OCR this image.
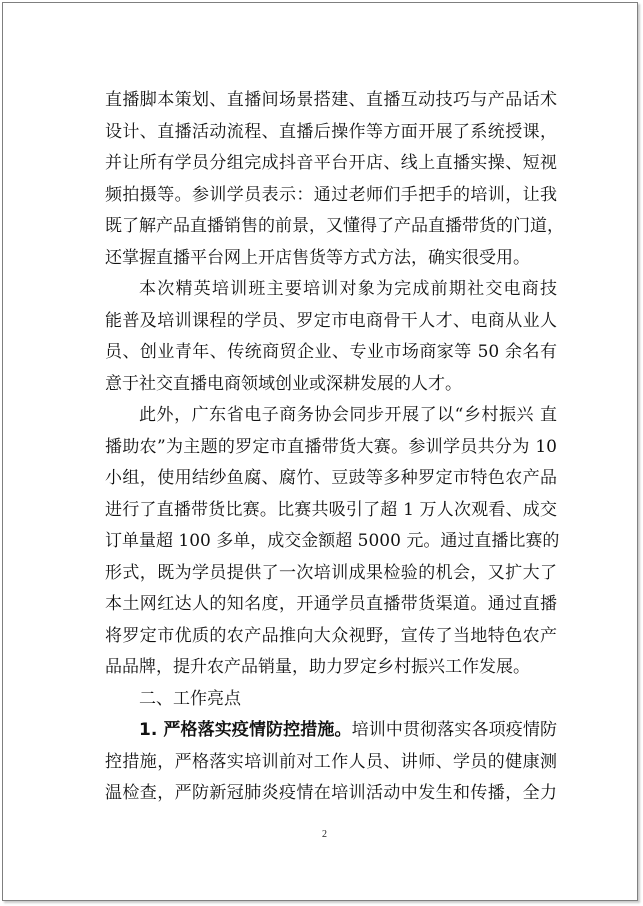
直播脚本策划、直播间场景搭建、直播互动技巧与产品话术
设计、直播活动流程、直播后操作等方面开展了系统授课，
并让所有学员分组完成抖音平台开店、线上直播实操、短视
频拍摄等。参训学员表示：通过老师们手把手的培训，让我
既了解产品直播销售的前景，又懂得了产品直播带货的门道，
还掌握直播平台网上开店售货等方式方法，确实很受用。
本次精英培训班主要培训对象为完成前期社交电商技
能普及培训课程的学员、罗定市电商骨干人才、电商从业人
员、创业青年、传统商贸企业、专业市场商家等 50 余名有
意于社交直播电商领域创业或深耕发展的人才。
此外，广东省电子商务协会同步开展了以“乡村振兴 直
播助农”为主题的罗定市直播带货大赛。参训学员共分为 10
小组，使用结纱鱼腐、腐竹、豆豉等多种罗定市特色农产品
进行了直播带货比赛。比赛共吸引了超 1 万人次观看、成交
订单量超 100 多单，成交金额超 5000 元。通过直播比赛的
形式，既为学员提供了一次培训成果检验的机会，又扩大了
本土网红达人的知名度，开通学员直播带货渠道。通过直播
将罗定市优质的农产品推向大众视野，宣传了当地特色农产
品品牌，提升农产品销量，助力罗定乡村振兴工作发展。
二、工作亮点
1. 严格落实疫情防控措施。培训中贯彻落实各项疫情防
控措施，严格落实培训前对工作人员、讲师、学员的健康测
温检查，严防新冠肺炎疫情在培训活动中发生和传播，全力
2
